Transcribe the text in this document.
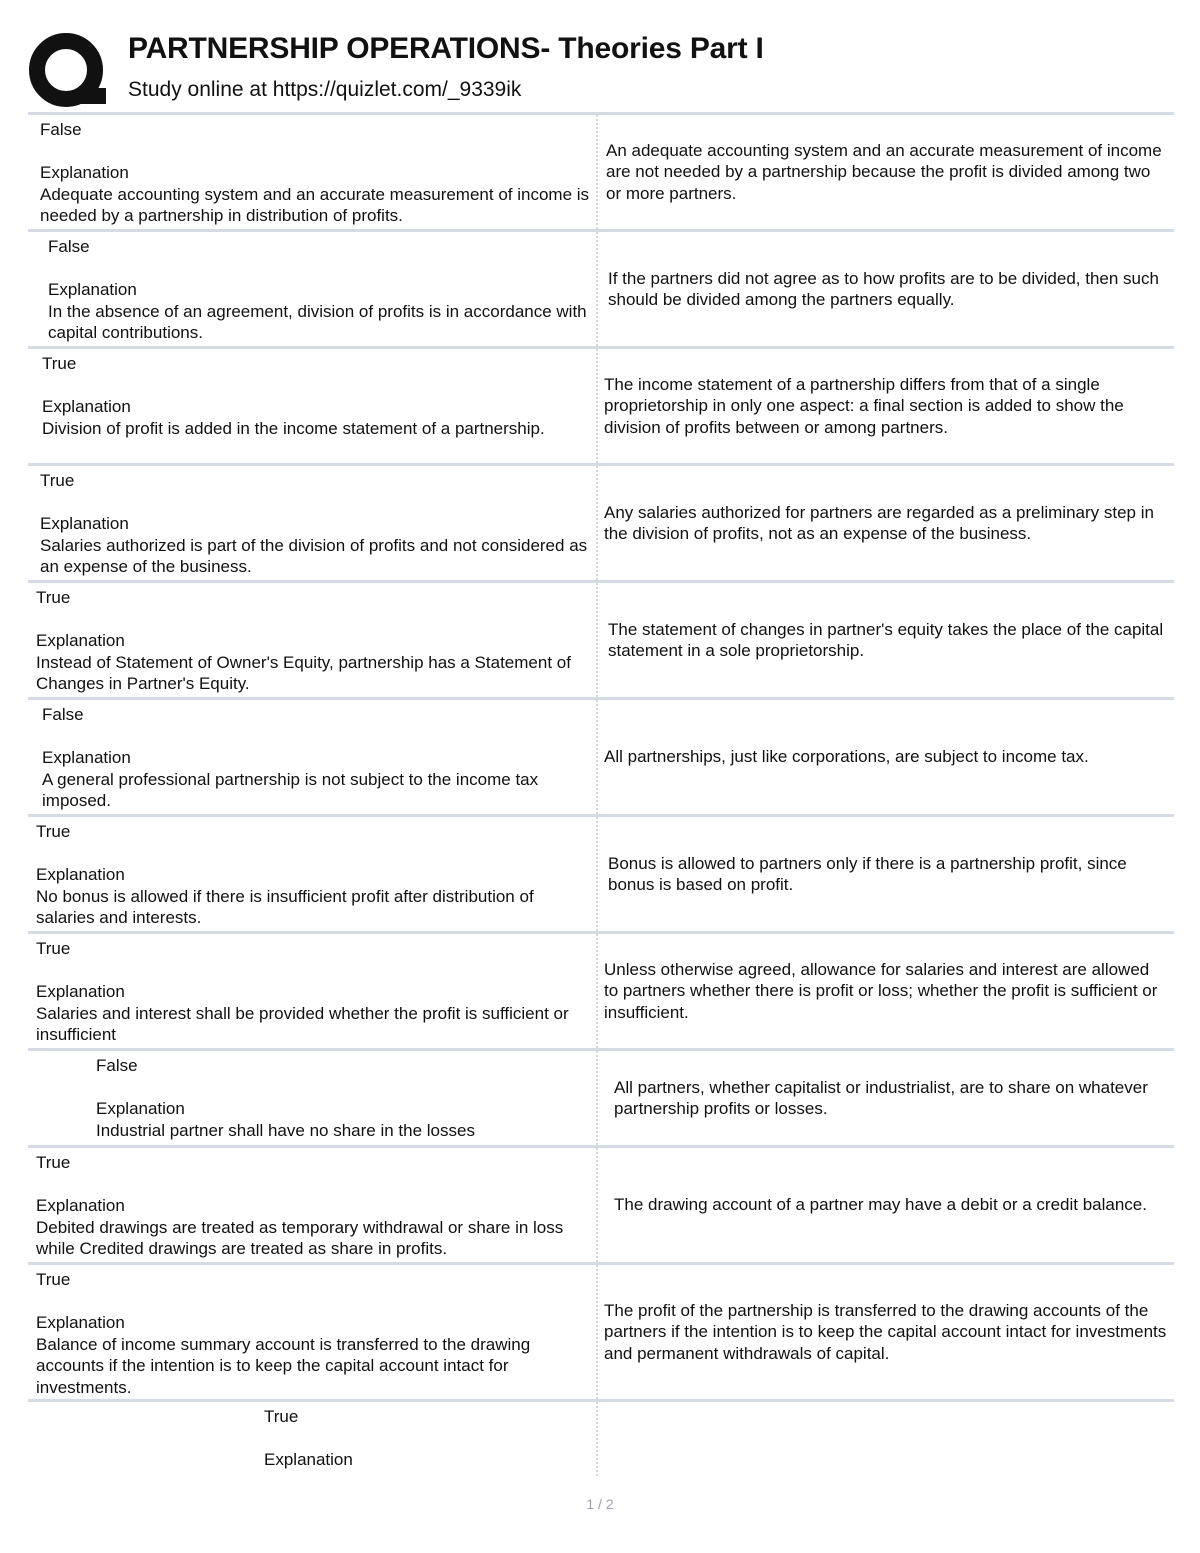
PARTNERSHIP OPERATIONS- Theories Part I
Study online at https://quizlet.com/_9339ik
False
Explanation
Adequate accounting system and an accurate measurement of income is needed by a partnership in distribution of profits.
An adequate accounting system and an accurate measurement of income are not needed by a partnership because the profit is divided among two or more partners.
False
Explanation
In the absence of an agreement, division of profits is in accordance with capital contributions.
If the partners did not agree as to how profits are to be divided, then such should be divided among the partners equally.
True
Explanation
Division of profit is added in the income statement of a partnership.
The income statement of a partnership differs from that of a single proprietorship in only one aspect: a final section is added to show the division of profits between or among partners.
True
Explanation
Salaries authorized is part of the division of profits and not considered as an expense of the business.
Any salaries authorized for partners are regarded as a preliminary step in the division of profits, not as an expense of the business.
True
Explanation
Instead of Statement of Owner's Equity, partnership has a Statement of Changes in Partner's Equity.
The statement of changes in partner's equity takes the place of the capital statement in a sole proprietorship.
False
Explanation
A general professional partnership is not subject to the income tax imposed.
All partnerships, just like corporations, are subject to income tax.
True
Explanation
No bonus is allowed if there is insufficient profit after distribution of salaries and interests.
Bonus is allowed to partners only if there is a partnership profit, since bonus is based on profit.
True
Explanation
Salaries and interest shall be provided whether the profit is sufficient or insufficient
Unless otherwise agreed, allowance for salaries and interest are allowed to partners whether there is profit or loss; whether the profit is sufficient or insufficient.
False
Explanation
Industrial partner shall have no share in the losses
All partners, whether capitalist or industrialist, are to share on whatever partnership profits or losses.
True
Explanation
Debited drawings are treated as temporary withdrawal or share in loss while Credited drawings are treated as share in profits.
The drawing account of a partner may have a debit or a credit balance.
True
Explanation
Balance of income summary account is transferred to the drawing accounts if the intention is to keep the capital account intact for investments.
The profit of the partnership is transferred to the drawing accounts of the partners if the intention is to keep the capital account intact for investments and permanent withdrawals of capital.
True
Explanation
1 / 2
